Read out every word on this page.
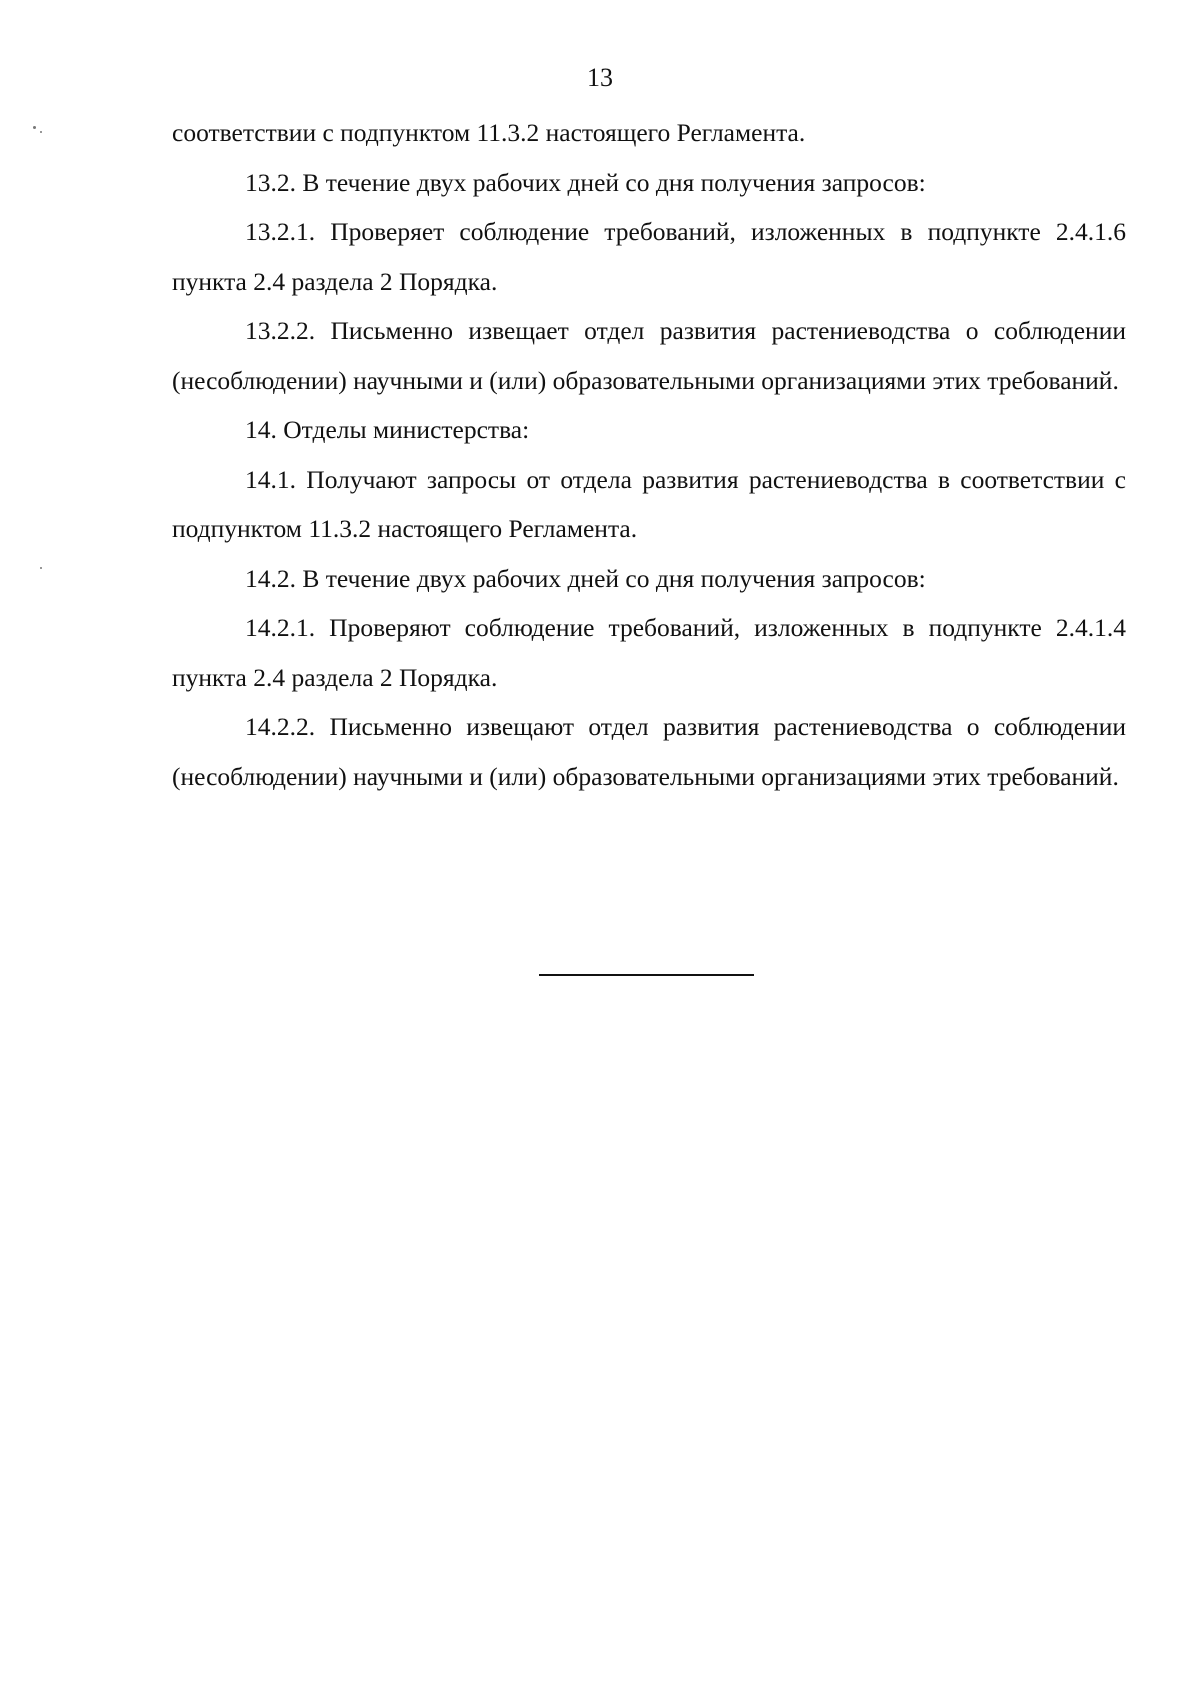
13

соответствии с подпунктом 11.3.2 настоящего Регламента.

13.2. В течение двух рабочих дней со дня получения запросов:

13.2.1. Проверяет соблюдение требований, изложенных в подпункте 2.4.1.6 пункта 2.4 раздела 2 Порядка.

13.2.2. Письменно извещает отдел развития растениеводства о соблюдении (несоблюдении) научными и (или) образовательными организациями этих требований.

14. Отделы министерства:

14.1. Получают запросы от отдела развития растениеводства в соответствии с подпунктом 11.3.2 настоящего Регламента.

14.2. В течение двух рабочих дней со дня получения запросов:

14.2.1. Проверяют соблюдение требований, изложенных в подпункте 2.4.1.4 пункта 2.4 раздела 2 Порядка.

14.2.2. Письменно извещают отдел развития растениеводства о соблюдении (несоблюдении) научными и (или) образовательными организациями этих требований.
